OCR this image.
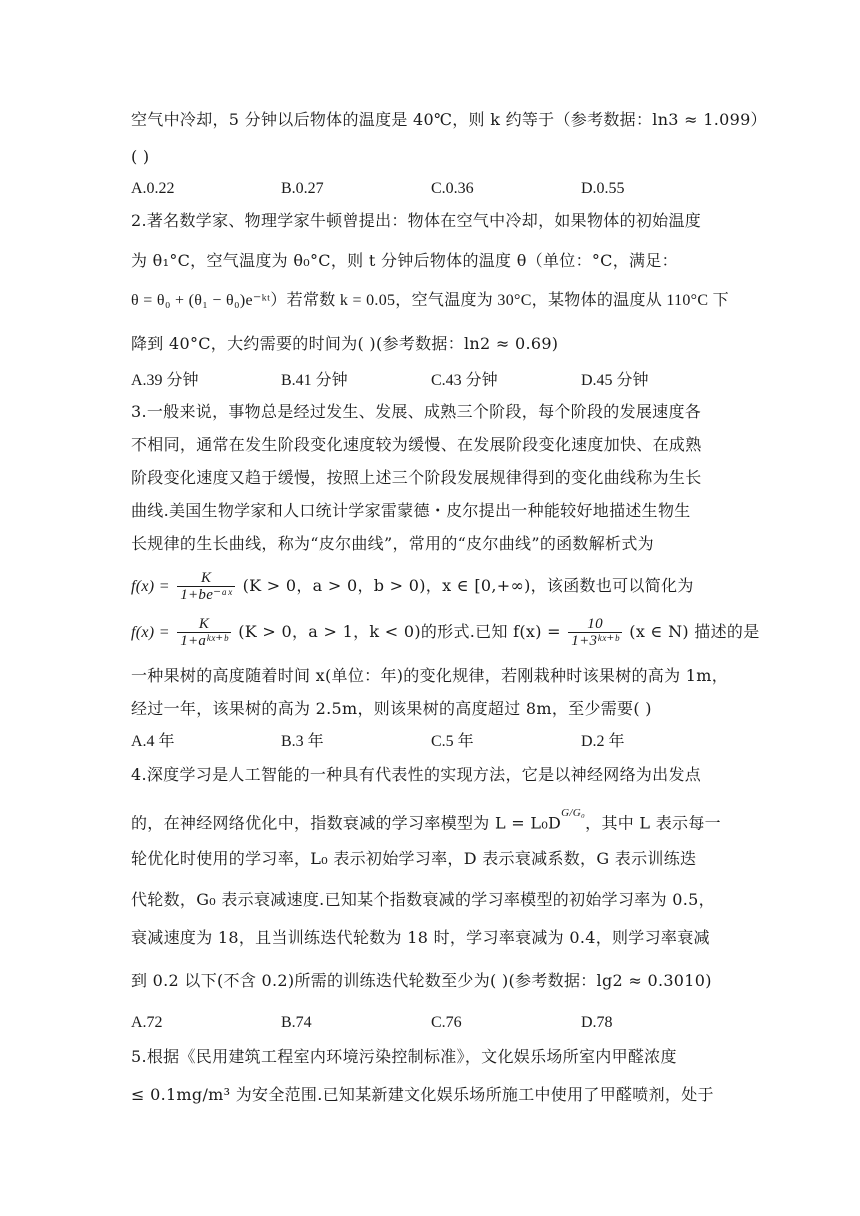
空气中冷却，5 分钟以后物体的温度是 40℃，则 k 约等于（参考数据：ln3 ≈ 1.099）
( )
A.0.22	B.0.27	C.0.36	D.0.55
2.著名数学家、物理学家牛顿曾提出：物体在空气中冷却，如果物体的初始温度
为 θ₁°C，空气温度为 θ₀°C，则 t 分钟后物体的温度 θ（单位：°C，满足：
θ = θ₀ + (θ₁ − θ₀)e⁻ᵏᵗ）若常数 k = 0.05，空气温度为 30°C，某物体的温度从 110°C 下
降到 40°C，大约需要的时间为( )(参考数据：ln2 ≈ 0.69)
A.39 分钟	B.41 分钟	C.43 分钟	D.45 分钟
3.一般来说，事物总是经过发生、发展、成熟三个阶段，每个阶段的发展速度各
不相同，通常在发生阶段变化速度较为缓慢、在发展阶段变化速度加快、在成熟
阶段变化速度又趋于缓慢，按照上述三个阶段发展规律得到的变化曲线称为生长
曲线.美国生物学家和人口统计学家雷蒙德・皮尔提出一种能较好地描述生物生
长规律的生长曲线，称为“皮尔曲线”，常用的“皮尔曲线”的函数解析式为
$f(x) = \frac{K}{\text{1+be⁻ᵃˣ}} (K > 0$，a > 0，b > 0)，x ∈ [0,+∞)，该函数也可以简化为
$f(x) = \frac{K}{\text{1+aᵏˣ⁺ᵇ}} (K > 0$，a > 1，k < 0)的形式.已知 $f(x) = \frac{10}{\text{1+3ᵏˣ⁺ᵇ}} (x$ ∈ N) 描述的是
一种果树的高度随着时间 x(单位：年)的变化规律，若刚栽种时该果树的高为 1m，
经过一年，该果树的高为 2.5m，则该果树的高度超过 8m，至少需要( )
A.4 年	B.3 年	C.5 年	D.2 年
4.深度学习是人工智能的一种具有代表性的实现方法，它是以神经网络为出发点
的，在神经网络优化中，指数衰减的学习率模型为 $L = L_0D^{G/G_0}$，其中 L 表示每一
轮优化时使用的学习率，L₀ 表示初始学习率，D 表示衰减系数，G 表示训练迭
代轮数，G₀ 表示衰减速度.已知某个指数衰减的学习率模型的初始学习率为 0.5，
衰减速度为 18，且当训练迭代轮数为 18 时，学习率衰减为 0.4，则学习率衰减
到 0.2 以下(不含 0.2)所需的训练迭代轮数至少为( )(参考数据：lg2 ≈ 0.3010)
A.72	B.74	C.76	D.78
5.根据《民用建筑工程室内环境污染控制标准》，文化娱乐场所室内甲醛浓度
≤ 0.1mg/m³ 为安全范围.已知某新建文化娱乐场所施工中使用了甲醛喷剂，处于
